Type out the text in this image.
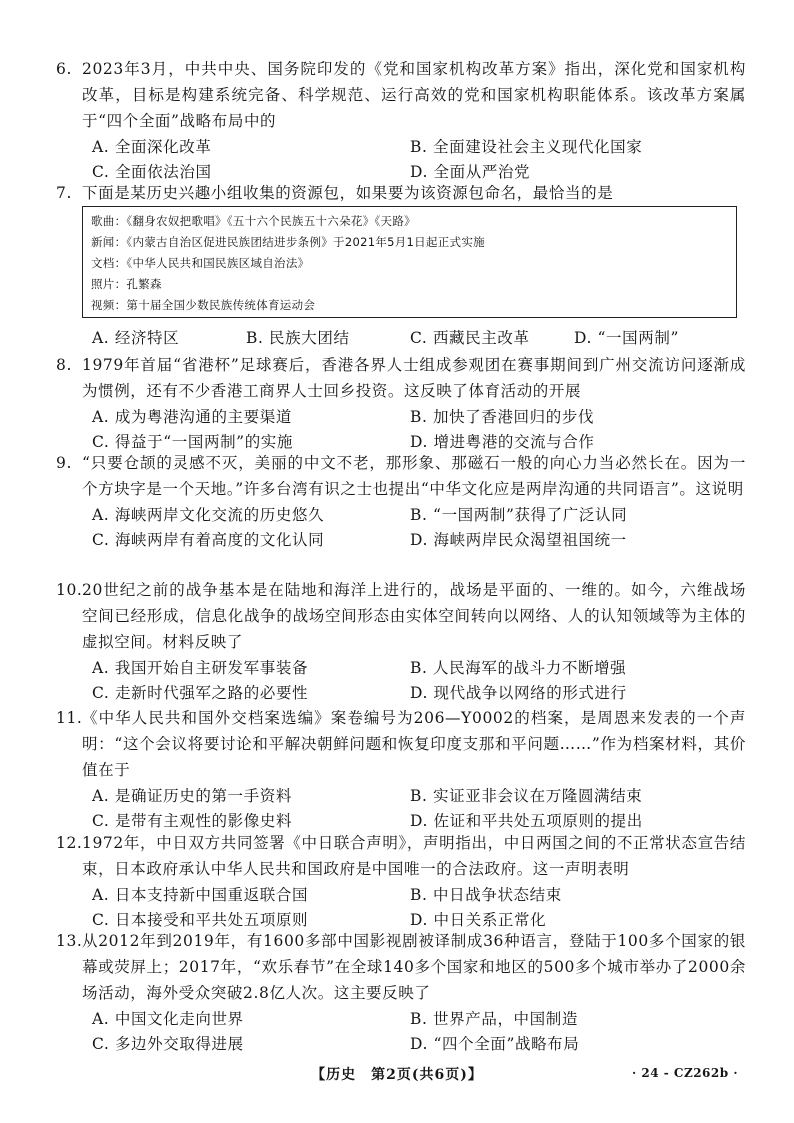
6. 2023年3月，中共中央、国务院印发的《党和国家机构改革方案》指出，深化党和国家机构改革，目标是构建系统完备、科学规范、运行高效的党和国家机构职能体系。该改革方案属于“四个全面”战略布局中的
A. 全面深化改革	B. 全面建设社会主义现代化国家
C. 全面依法治国	D. 全面从严治党
7. 下面是某历史兴趣小组收集的资源包，如果要为该资源包命名，最恰当的是
歌曲：《翻身农奴把歌唱》《五十六个民族五十六朵花》《天路》
新闻：《内蒙古自治区促进民族团结进步条例》于2021年5月1日起正式实施
文档：《中华人民共和国民族区域自治法》
照片：孔繁森
视频：第十届全国少数民族传统体育运动会
A. 经济特区	B. 民族大团结	C. 西藏民主改革	D. “一国两制”
8. 1979年首届“省港杯”足球赛后，香港各界人士组成参观团在赛事期间到广州交流访问逐渐成为惯例，还有不少香港工商界人士回乡投资。这反映了体育活动的开展
A. 成为粤港沟通的主要渠道	B. 加快了香港回归的步伐
C. 得益于“一国两制”的实施	D. 增进粤港的交流与合作
9. “只要仓颉的灵感不灭，美丽的中文不老，那形象、那磁石一般的向心力当必然长在。因为一个方块字是一个天地。”许多台湾有识之士也提出“中华文化应是两岸沟通的共同语言”。这说明
A. 海峡两岸文化交流的历史悠久	B. “一国两制”获得了广泛认同
C. 海峡两岸有着高度的文化认同	D. 海峡两岸民众渴望祖国统一
10. 20世纪之前的战争基本是在陆地和海洋上进行的，战场是平面的、一维的。如今，六维战场空间已经形成，信息化战争的战场空间形态由实体空间转向以网络、人的认知领域等为主体的虚拟空间。材料反映了
A. 我国开始自主研发军事装备	B. 人民海军的战斗力不断增强
C. 走新时代强军之路的必要性	D. 现代战争以网络的形式进行
11. 《中华人民共和国外交档案选编》案卷编号为206—Y0002的档案，是周恩来发表的一个声明：“这个会议将要讨论和平解决朝鲜问题和恢复印度支那和平问题……”作为档案材料，其价值在于
A. 是确证历史的第一手资料	B. 实证亚非会议在万隆圆满结束
C. 是带有主观性的影像史料	D. 佐证和平共处五项原则的提出
12. 1972年，中日双方共同签署《中日联合声明》，声明指出，中日两国之间的不正常状态宣告结束，日本政府承认中华人民共和国政府是中国唯一的合法政府。这一声明表明
A. 日本支持新中国重返联合国	B. 中日战争状态结束
C. 日本接受和平共处五项原则	D. 中日关系正常化
13. 从2012年到2019年，有1600多部中国影视剧被译制成36种语言，登陆于100多个国家的银幕或荧屏上；2017年，“欢乐春节”在全球140多个国家和地区的500多个城市举办了2000余场活动，海外受众突破2.8亿人次。这主要反映了
A. 中国文化走向世界	B. 世界产品，中国制造
C. 多边外交取得进展	D. “四个全面”战略布局
【历史　第2页(共6页)】	· 24 - CZ262b ·
